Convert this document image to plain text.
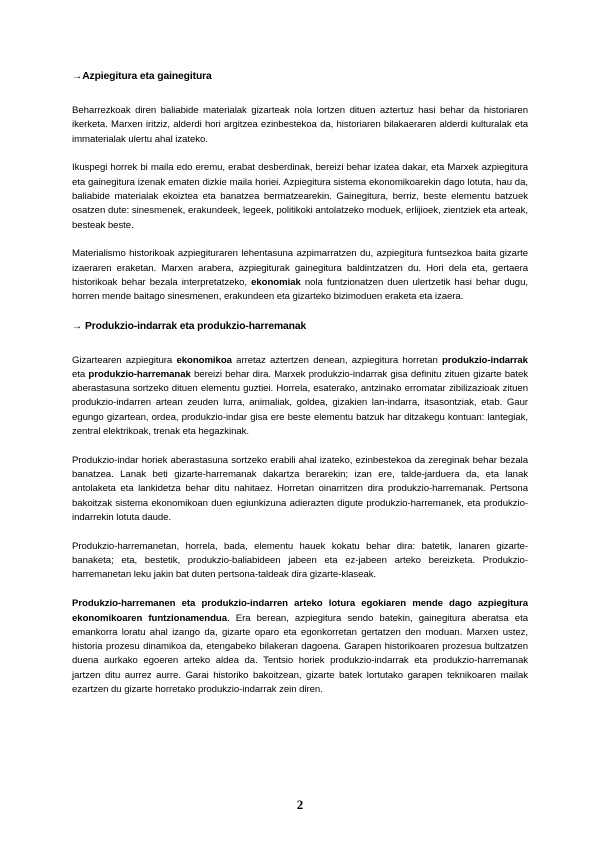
→Azpiegitura eta gainegitura

Beharrezkoak diren baliabide materialak gizarteak nola lortzen dituen aztertuz hasi behar da historiaren ikerketa. Marxen iritziz, alderdi hori argitzea ezinbestekoa da, historiaren bilakaeraren alderdi kulturalak eta immaterialak ulertu ahal izateko.

Ikuspegi horrek bi maila edo eremu, erabat desberdinak, bereizi behar izatea dakar, eta Marxek azpiegitura eta gainegitura izenak ematen dizkie maila horiei. Azpiegitura sistema ekonomikoarekin dago lotuta, hau da, baliabide materialak ekoiztea eta banatzea bermatzearekin. Gainegitura, berriz, beste elementu batzuek osatzen dute: sinesmenek, erakundeek, legeek, politikoki antolatzeko moduek, erlijioek, zientziek eta arteak, besteak beste.

Materialismo historikoak azpiegituraren lehentasuna azpimarratzen du, azpiegitura funtsezkoa baita gizarte izaeraren eraketan. Marxen arabera, azpiegiturak gainegitura baldintzatzen du. Hori dela eta, gertaera historikoak behar bezala interpretatzeko, ekonomiak nola funtzionatzen duen ulertzetik hasi behar dugu, horren mende baitago sinesmenen, erakundeen eta gizarteko bizimoduen eraketa eta izaera.

→ Produkzio-indarrak eta produkzio-harremanak

Gizartearen azpiegitura ekonomikoa arretaz aztertzen denean, azpiegitura horretan produkzio-indarrak eta produkzio-harremanak bereizi behar dira. Marxek produkzio-indarrak gisa definitu zituen gizarte batek aberastasuna sortzeko dituen elementu guztiei. Horrela, esaterako, antzinako erromatar zibilizazioak zituen produkzio-indarren artean zeuden lurra, animaliak, goldea, gizakien lan-indarra, itsasontziak, etab. Gaur egungo gizartean, ordea, produkzio-indar gisa ere beste elementu batzuk har ditzakegu kontuan: lantegiak, zentral elektrikoak, trenak eta hegazkinak.

Produkzio-indar horiek aberastasuna sortzeko erabili ahal izateko, ezinbestekoa da zereginak behar bezala banatzea. Lanak beti gizarte-harremanak dakartza berarekin; izan ere, talde-jarduera da, eta lanak antolaketa eta lankidetza behar ditu nahitaez. Horretan oinarritzen dira produkzio-harremanak. Pertsona bakoitzak sistema ekonomikoan duen egiunkizuna adierazten digute produkzio-harremanek, eta produkzio-indarrekin lotuta daude.

Produkzio-harremanetan, horrela, bada, elementu hauek kokatu behar dira: batetik, lanaren gizarte-banaketa; eta, bestetik, produkzio-baliabideen jabeen eta ez-jabeen arteko bereizketa. Produkzio-harremanetan leku jakin bat duten pertsona-taldeak dira gizarte-klaseak.

Produkzio-harremanen eta produkzio-indarren arteko lotura egokiaren mende dago azpiegitura ekonomikoaren funtzionamendua. Era berean, azpiegitura sendo batekin, gainegitura aberatsa eta emankorra loratu ahal izango da, gizarte oparo eta egonkorretan gertatzen den moduan. Marxen ustez, historia prozesu dinamikoa da, etengabeko bilakeran dagoena. Garapen historikoaren prozesua bultzatzen duena aurkako egoeren arteko aldea da. Tentsio horiek produkzio-indarrak eta produkzio-harremanak jartzen ditu aurrez aurre. Garai historiko bakoitzean, gizarte batek lortutako garapen teknikoaren mailak ezartzen du gizarte horretako produkzio-indarrak zein diren.

2
